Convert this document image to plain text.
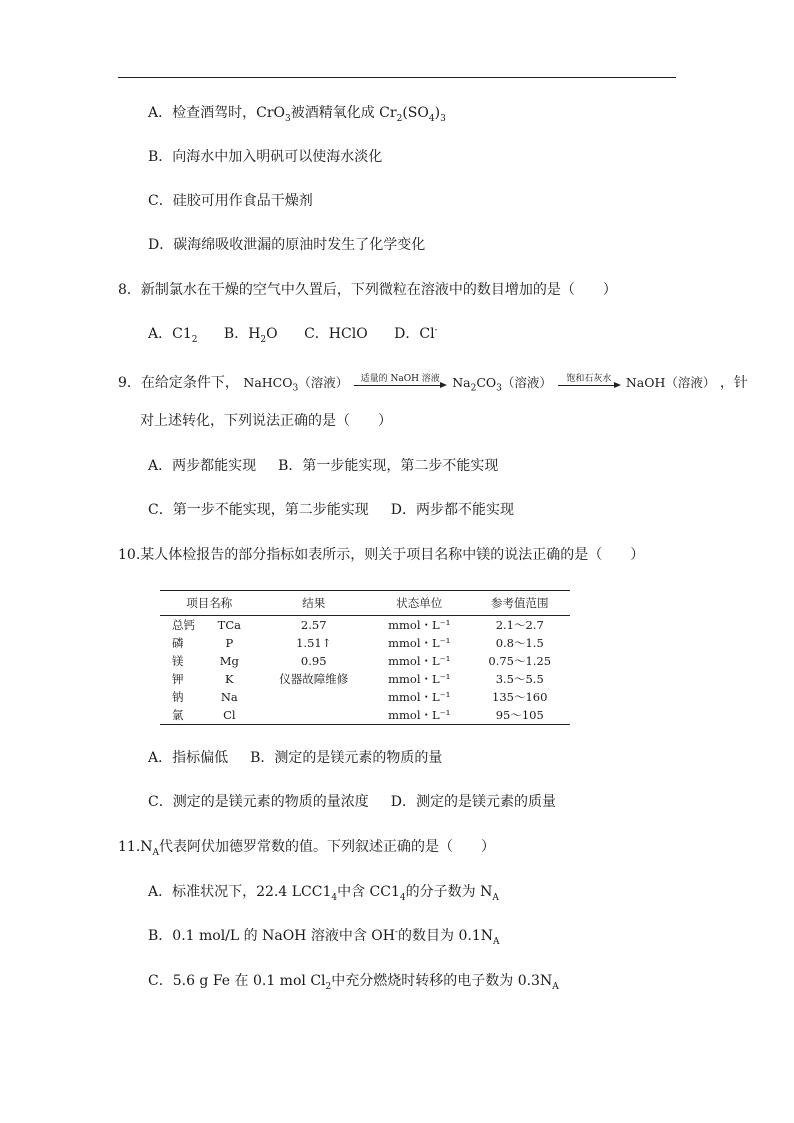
A．检查酒驾时，CrO$_3$被酒精氧化成 $Cr_2(SO_4)_3$
B．向海水中加入明矾可以使海水淡化
C．硅胶可用作食品干燥剂
D．碳海绵吸收泄漏的原油时发生了化学变化
8．新制氯水在干燥的空气中久置后，下列微粒在溶液中的数目增加的是（　　）
A．$C1_2$ B．$H_2O$ C．HClO D．Cl-
9．在给定条件下， NaHCO$_3$（溶液）	适量的 NaOH 溶液 $Na_2CO_3$（溶液）	饱和石灰水	NaOH（溶液） ，针
对上述转化，下列说法正确的是（　　）
A．两步都能实现 B．第一步能实现，第二步不能实现
C．第一步不能实现，第二步能实现 D．两步都不能实现
10.某人体检报告的部分指标如表所示，则关于项目名称中镁的说法正确的是（　　）
项目名称		结果	状态单位	参考值范围
总钙	TCa	2.57	mmol・L⁻¹	2.1～2.7
磷	P	1.51↑	mmol・L⁻¹	0.8～1.5
镁	Mg	0.95	mmol・L⁻¹	0.75～1.25
钾	K	仪器故障维修	mmol・L⁻¹	3.5～5.5
钠	Na		mmol・L⁻¹	135～160
氯	Cl		mmol・L⁻¹	95～105
A．指标偏低 B．测定的是镁元素的物质的量
C．测定的是镁元素的物质的量浓度 D．测定的是镁元素的质量
$11.N_A$代表阿伏加德罗常数的值。下列叙述正确的是（　　）
A．标准状况下，22.4 $LCC1_4$中含 $CC1_4$的分子数为 $N_A$
B．0.1 mol/L 的 NaOH 溶液中含 OH-的数目为 $0.1N_A$
C．5.6 g Fe 在 0.1 mol $Cl_2$中充分燃烧时转移的电子数为 $0.3N_A$
